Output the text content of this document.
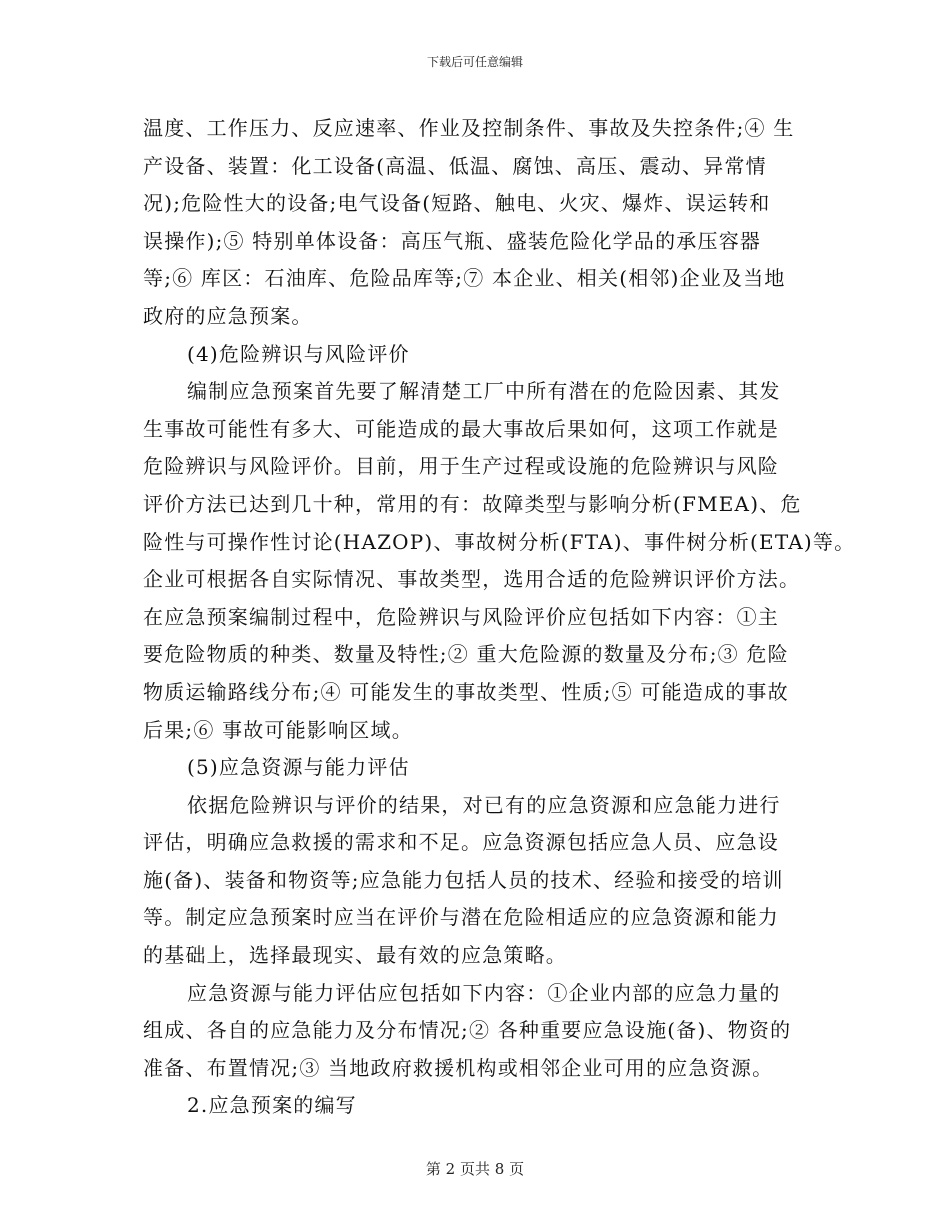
下载后可任意编辑
温度、工作压力、反应速率、作业及控制条件、事故及失控条件;④ 生
产设备、装置：化工设备(高温、低温、腐蚀、高压、震动、异常情
况);危险性大的设备;电气设备(短路、触电、火灾、爆炸、误运转和
误操作);⑤ 特别单体设备：高压气瓶、盛装危险化学品的承压容器
等;⑥ 库区：石油库、危险品库等;⑦ 本企业、相关(相邻)企业及当地
政府的应急预案。
(4)危险辨识与风险评价
编制应急预案首先要了解清楚工厂中所有潜在的危险因素、其发
生事故可能性有多大、可能造成的最大事故后果如何，这项工作就是
危险辨识与风险评价。目前，用于生产过程或设施的危险辨识与风险
评价方法已达到几十种，常用的有：故障类型与影响分析(FMEA)、危
险性与可操作性讨论(HAZOP)、事故树分析(FTA)、事件树分析(ETA)等。
企业可根据各自实际情况、事故类型，选用合适的危险辨识评价方法。
在应急预案编制过程中，危险辨识与风险评价应包括如下内容：①主
要危险物质的种类、数量及特性;② 重大危险源的数量及分布;③ 危险
物质运输路线分布;④ 可能发生的事故类型、性质;⑤ 可能造成的事故
后果;⑥ 事故可能影响区域。
(5)应急资源与能力评估
依据危险辨识与评价的结果，对已有的应急资源和应急能力进行
评估，明确应急救援的需求和不足。应急资源包括应急人员、应急设
施(备)、装备和物资等;应急能力包括人员的技术、经验和接受的培训
等。制定应急预案时应当在评价与潜在危险相适应的应急资源和能力
的基础上，选择最现实、最有效的应急策略。
应急资源与能力评估应包括如下内容：①企业内部的应急力量的
组成、各自的应急能力及分布情况;② 各种重要应急设施(备)、物资的
准备、布置情况;③ 当地政府救援机构或相邻企业可用的应急资源。
2.应急预案的编写
第 2 页共 8 页
